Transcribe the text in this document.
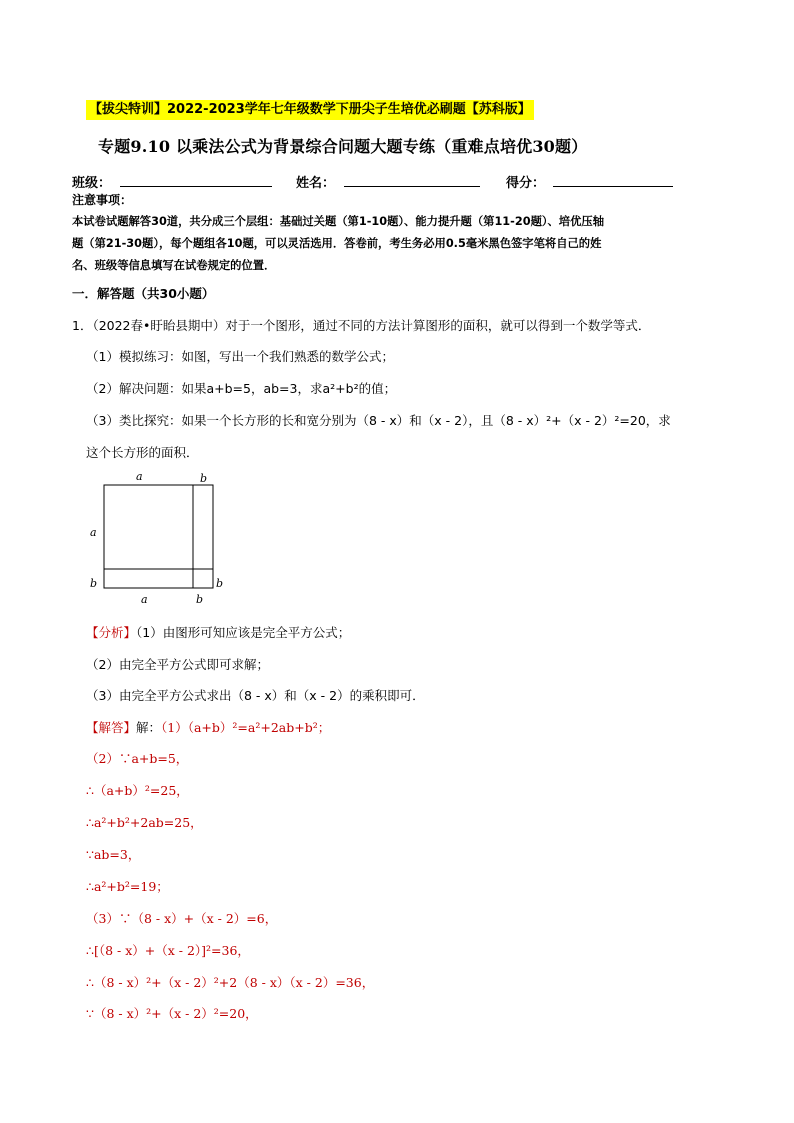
【拔尖特训】2022-2023学年七年级数学下册尖子生培优必刷题【苏科版】
专题9.10 以乘法公式为背景综合问题大题专练（重难点培优30题）
班级：	姓名：	得分：
注意事项：
本试卷试题解答30道，共分成三个层组：基础过关题（第1-10题）、能力提升题（第11-20题）、培优压轴
题（第21-30题），每个题组各10题，可以灵活选用．答卷前，考生务必用0.5毫米黑色签字笔将自己的姓
名、班级等信息填写在试卷规定的位置．
一．解答题（共30小题）
1．（2022春•盱眙县期中）对于一个图形，通过不同的方法计算图形的面积，就可以得到一个数学等式．
（1）模拟练习：如图，写出一个我们熟悉的数学公式；
（2）解决问题：如果a+b=5，ab=3，求a²+b²的值；
（3）类比探究：如果一个长方形的长和宽分别为（8 - x）和（x - 2），且（8 - x）²+（x - 2）²=20，求
这个长方形的面积．
a	b
a
b	b
a	b
【分析】（1）由图形可知应该是完全平方公式；
（2）由完全平方公式即可求解；
（3）由完全平方公式求出（8 - x）和（x - 2）的乘积即可．
【解答】解：（1）（a+b）²=a²+2ab+b²；
（2）∵a+b=5，
∴（a+b）²=25，
∴a²+b²+2ab=25，
∵ab=3，
∴a²+b²=19；
（3）∵（8 - x）+（x - 2）=6，
∴[（8 - x）+（x - 2）]²=36，
∴（8 - x）²+（x - 2）²+2（8 - x）（x - 2）=36，
∵（8 - x）²+（x - 2）²=20，
